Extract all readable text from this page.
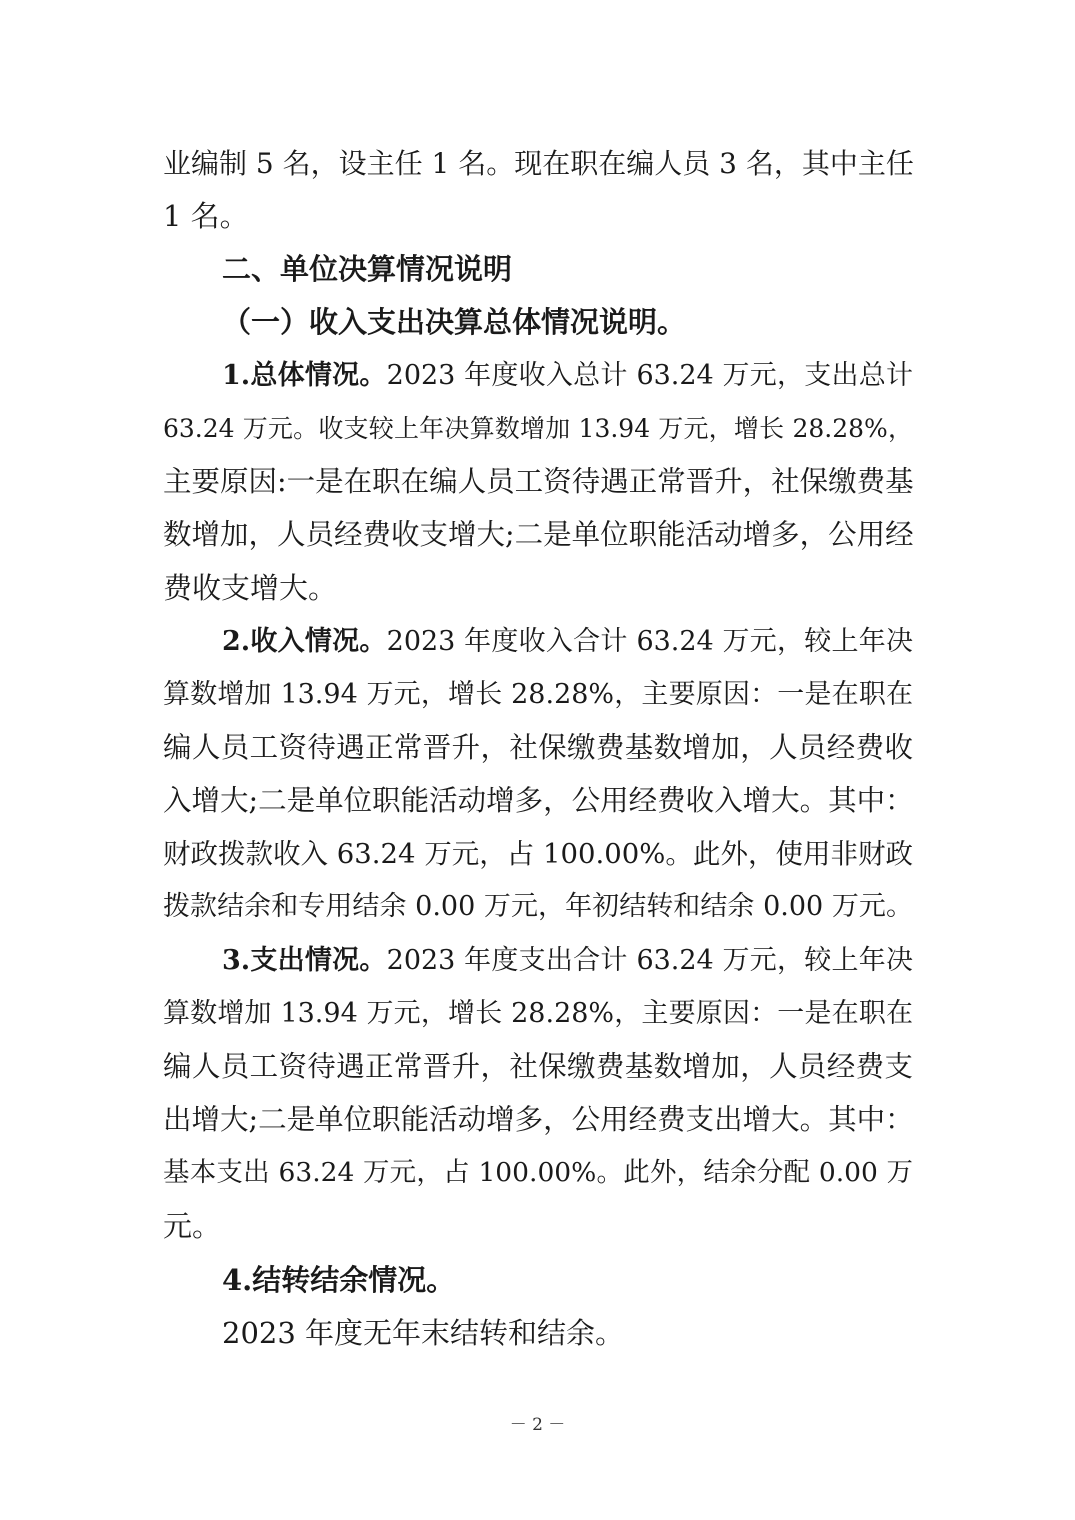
业编制 5 名，设主任 1 名。现在职在编人员 3 名，其中主任
1 名。
二、单位决算情况说明
（一）收入支出决算总体情况说明。
1.总体情况。2023 年度收入总计 63.24 万元，支出总计
63.24 万元。收支较上年决算数增加 13.94 万元，增长 28.28%，
主要原因:一是在职在编人员工资待遇正常晋升，社保缴费基
数增加，人员经费收支增大;二是单位职能活动增多，公用经
费收支增大。
2.收入情况。2023 年度收入合计 63.24 万元，较上年决
算数增加 13.94 万元，增长 28.28%，主要原因：一是在职在
编人员工资待遇正常晋升，社保缴费基数增加，人员经费收
入增大;二是单位职能活动增多，公用经费收入增大。其中：
财政拨款收入 63.24 万元，占 100.00%。此外，使用非财政
拨款结余和专用结余 0.00 万元，年初结转和结余 0.00 万元。
3.支出情况。2023 年度支出合计 63.24 万元，较上年决
算数增加 13.94 万元，增长 28.28%，主要原因：一是在职在
编人员工资待遇正常晋升，社保缴费基数增加，人员经费支
出增大;二是单位职能活动增多，公用经费支出增大。其中：
基本支出 63.24 万元，占 100.00%。此外，结余分配 0.00 万
元。
4.结转结余情况。
2023 年度无年末结转和结余。
－ 2 －
